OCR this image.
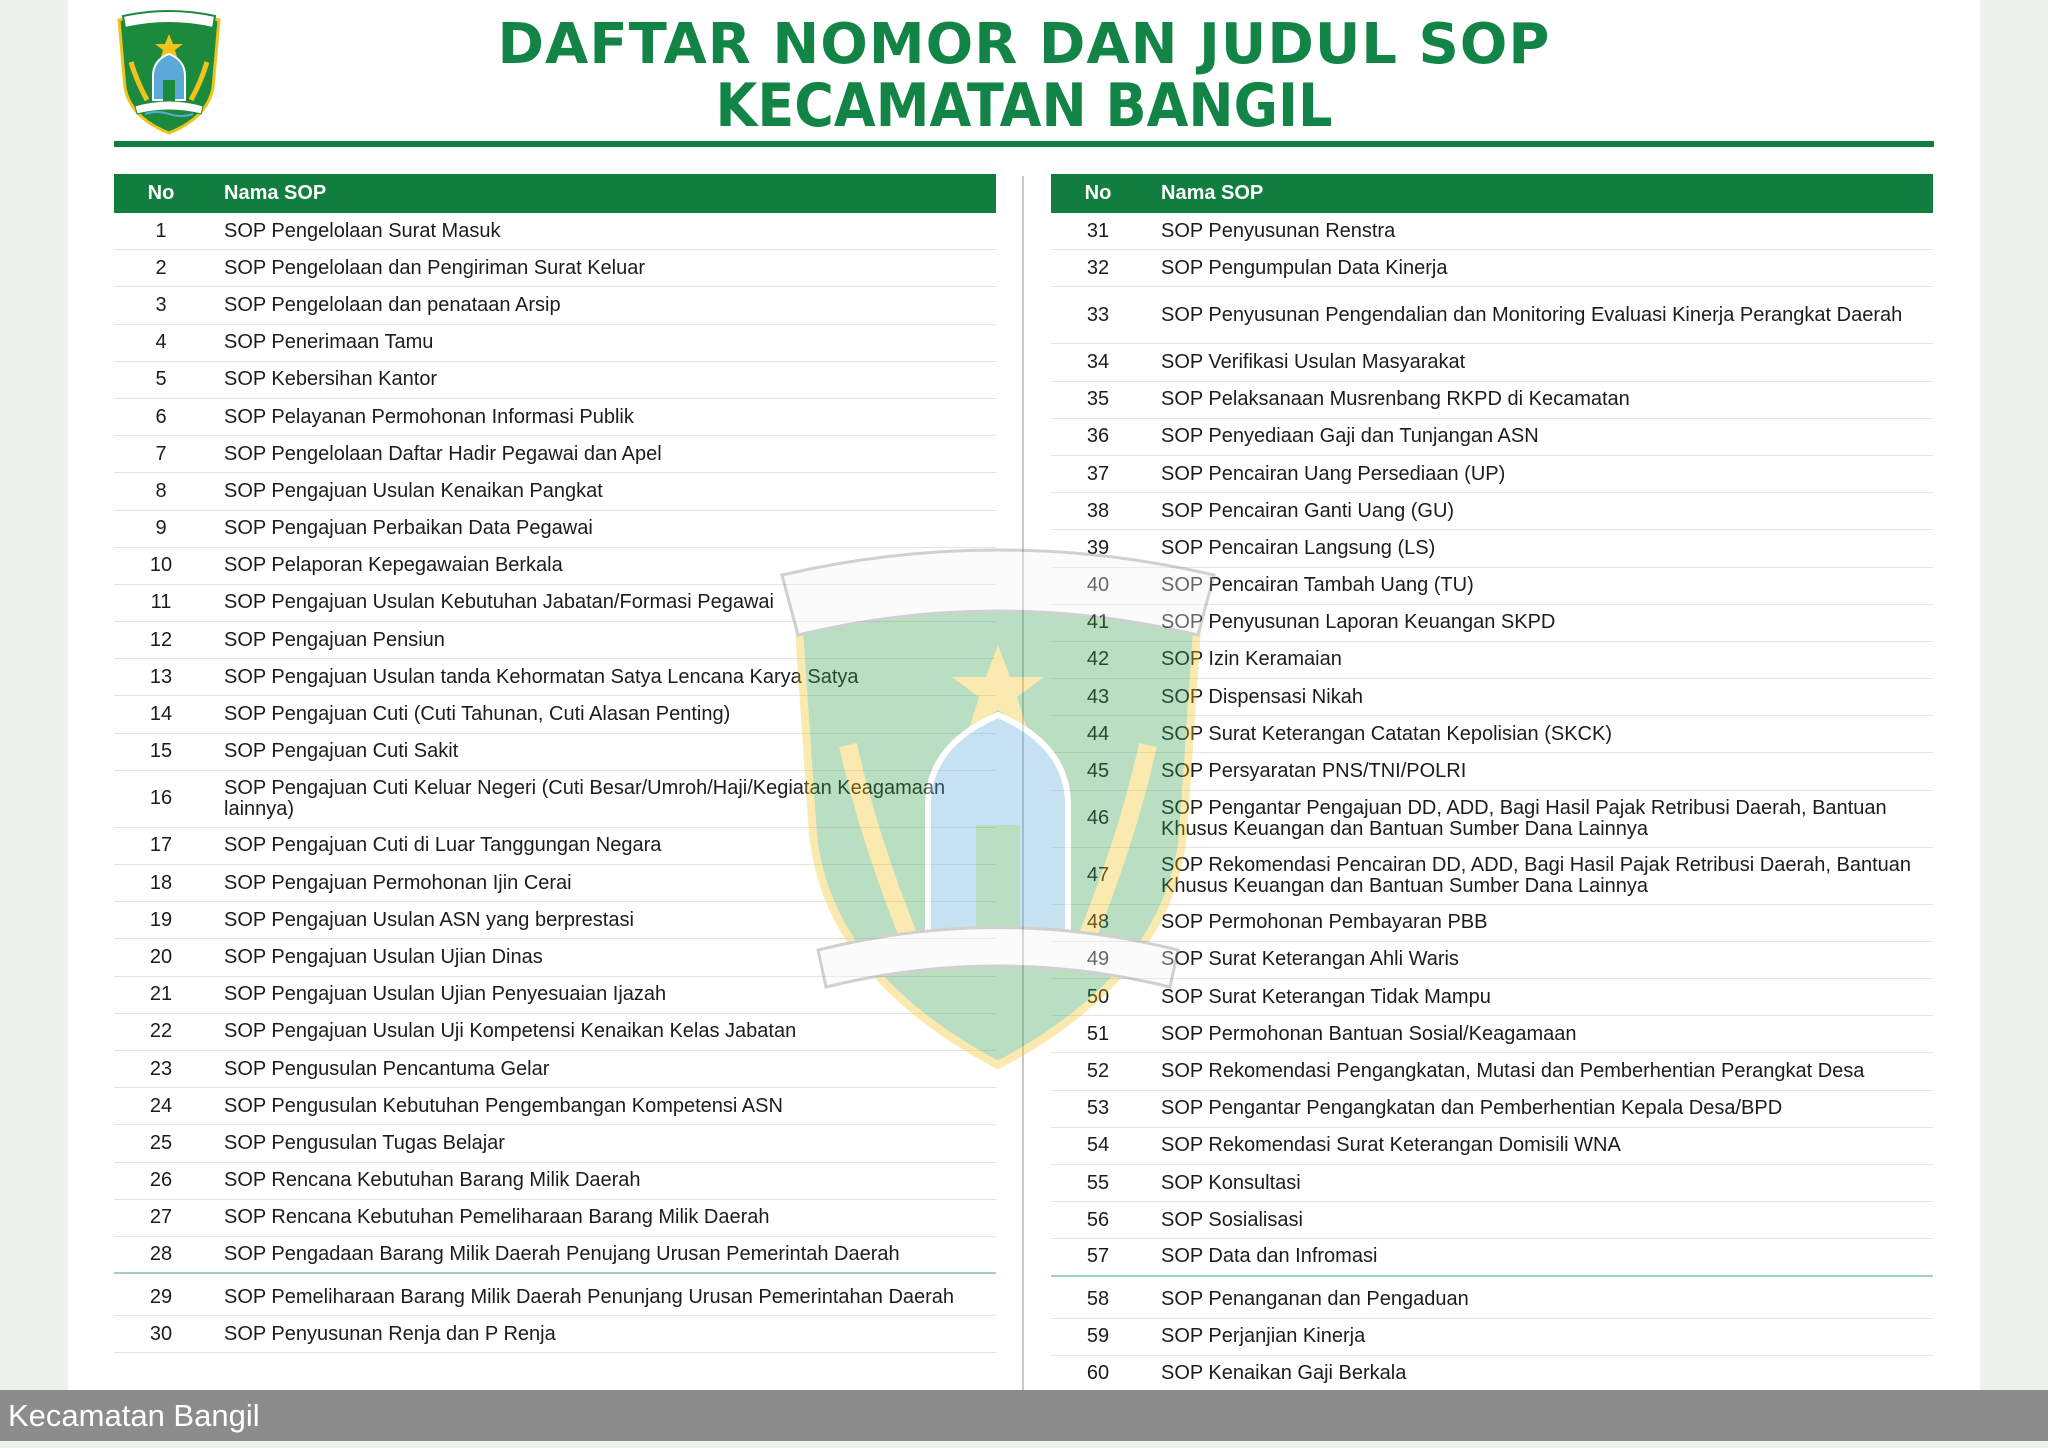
DAFTAR NOMOR DAN JUDUL SOP
KECAMATAN BANGIL
No	Nama SOP
1	SOP Pengelolaan Surat Masuk
2	SOP Pengelolaan dan Pengiriman Surat Keluar
3	SOP Pengelolaan dan penataan Arsip
4	SOP Penerimaan Tamu
5	SOP Kebersihan Kantor
6	SOP Pelayanan Permohonan Informasi Publik
7	SOP Pengelolaan Daftar Hadir Pegawai dan Apel
8	SOP Pengajuan Usulan Kenaikan Pangkat
9	SOP Pengajuan Perbaikan Data Pegawai
10	SOP Pelaporan Kepegawaian Berkala
11	SOP Pengajuan Usulan Kebutuhan Jabatan/Formasi Pegawai
12	SOP Pengajuan Pensiun
13	SOP Pengajuan Usulan tanda Kehormatan Satya Lencana Karya Satya
14	SOP Pengajuan Cuti (Cuti Tahunan, Cuti Alasan Penting)
15	SOP Pengajuan Cuti Sakit
16	SOP Pengajuan Cuti Keluar Negeri (Cuti Besar/Umroh/Haji/Kegiatan Keagamaan lainnya)
17	SOP Pengajuan Cuti di Luar Tanggungan Negara
18	SOP Pengajuan Permohonan Ijin Cerai
19	SOP Pengajuan Usulan ASN yang berprestasi
20	SOP Pengajuan Usulan Ujian Dinas
21	SOP Pengajuan Usulan Ujian Penyesuaian Ijazah
22	SOP Pengajuan Usulan Uji Kompetensi Kenaikan Kelas Jabatan
23	SOP Pengusulan Pencantuma Gelar
24	SOP Pengusulan Kebutuhan Pengembangan Kompetensi ASN
25	SOP Pengusulan Tugas Belajar
26	SOP Rencana Kebutuhan Barang Milik Daerah
27	SOP Rencana Kebutuhan Pemeliharaan Barang Milik Daerah
28	SOP Pengadaan Barang Milik Daerah Penujang Urusan Pemerintah Daerah
29	SOP Pemeliharaan Barang Milik Daerah Penunjang Urusan Pemerintahan Daerah
30	SOP Penyusunan Renja dan P Renja
No	Nama SOP
31	SOP Penyusunan Renstra
32	SOP Pengumpulan Data Kinerja
33	SOP Penyusunan Pengendalian dan Monitoring Evaluasi Kinerja Perangkat Daerah
34	SOP Verifikasi Usulan Masyarakat
35	SOP Pelaksanaan Musrenbang RKPD di Kecamatan
36	SOP Penyediaan Gaji dan Tunjangan ASN
37	SOP Pencairan Uang Persediaan (UP)
38	SOP Pencairan Ganti Uang (GU)
39	SOP Pencairan Langsung (LS)
40	SOP Pencairan Tambah Uang (TU)
41	SOP Penyusunan Laporan Keuangan SKPD
42	SOP Izin Keramaian
43	SOP Dispensasi Nikah
44	SOP Surat Keterangan Catatan Kepolisian (SKCK)
45	SOP Persyaratan PNS/TNI/POLRI
46	SOP Pengantar Pengajuan DD, ADD, Bagi Hasil Pajak Retribusi Daerah, Bantuan Khusus Keuangan dan Bantuan Sumber Dana Lainnya
47	SOP Rekomendasi Pencairan DD, ADD, Bagi Hasil Pajak Retribusi Daerah, Bantuan Khusus Keuangan dan Bantuan Sumber Dana Lainnya
48	SOP Permohonan Pembayaran PBB
49	SOP Surat Keterangan Ahli Waris
50	SOP Surat Keterangan Tidak Mampu
51	SOP Permohonan Bantuan Sosial/Keagamaan
52	SOP Rekomendasi Pengangkatan, Mutasi dan Pemberhentian Perangkat Desa
53	SOP Pengantar Pengangkatan dan Pemberhentian Kepala Desa/BPD
54	SOP Rekomendasi Surat Keterangan Domisili WNA
55	SOP Konsultasi
56	SOP Sosialisasi
57	SOP Data dan Infromasi
58	SOP Penanganan dan Pengaduan
59	SOP Perjanjian Kinerja
60	SOP Kenaikan Gaji Berkala
Kecamatan Bangil
